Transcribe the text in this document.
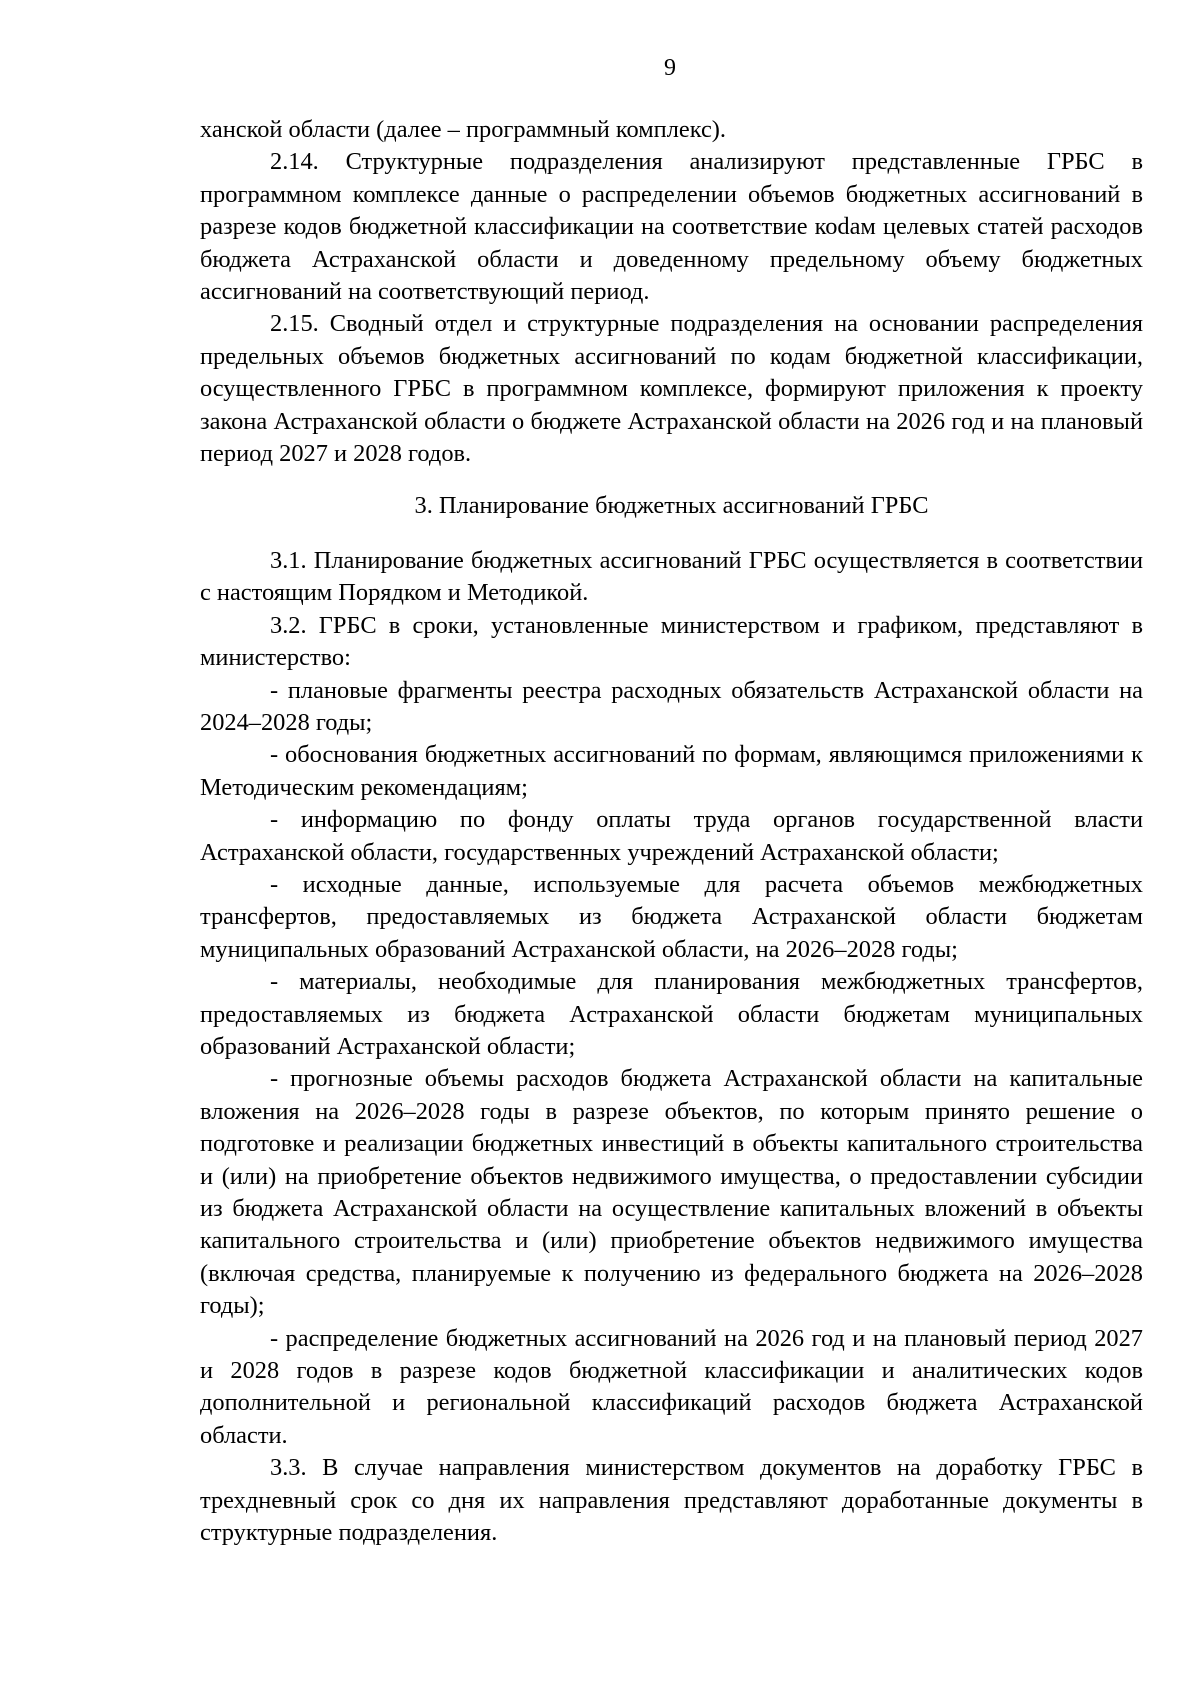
9

ханской области (далее – программный комплекс).

2.14. Структурные подразделения анализируют представленные ГРБС в программном комплексе данные о распределении объемов бюджетных ассигнований в разрезе кодов бюджетной классификации на соответствие коdам целевых статей расходов бюджета Астраханской области и доведенному предельному объему бюджетных ассигнований на соответствующий период.

2.15. Сводный отдел и структурные подразделения на основании распределения предельных объемов бюджетных ассигнований по кодам бюджетной классификации, осуществленного ГРБС в программном комплексе, формируют приложения к проекту закона Астраханской области о бюджете Астраханской области на 2026 год и на плановый период 2027 и 2028 годов.

3. Планирование бюджетных ассигнований ГРБС

3.1. Планирование бюджетных ассигнований ГРБС осуществляется в соответствии с настоящим Порядком и Методикой.

3.2. ГРБС в сроки, установленные министерством и графиком, представляют в министерство:

- плановые фрагменты реестра расходных обязательств Астраханской области на 2024–2028 годы;

- обоснования бюджетных ассигнований по формам, являющимся приложениями к Методическим рекомендациям;

- информацию по фонду оплаты труда органов государственной власти Астраханской области, государственных учреждений Астраханской области;

- исходные данные, используемые для расчета объемов межбюджетных трансфертов, предоставляемых из бюджета Астраханской области бюджетам муниципальных образований Астраханской области, на 2026–2028 годы;

- материалы, необходимые для планирования межбюджетных трансфертов, предоставляемых из бюджета Астраханской области бюджетам муниципальных образований Астраханской области;

- прогнозные объемы расходов бюджета Астраханской области на капитальные вложения на 2026–2028 годы в разрезе объектов, по которым принято решение о подготовке и реализации бюджетных инвестиций в объекты капитального строительства и (или) на приобретение объектов недвижимого имущества, о предоставлении субсидии из бюджета Астраханской области на осуществление капитальных вложений в объекты капитального строительства и (или) приобретение объектов недвижимого имущества (включая средства, планируемые к получению из федерального бюджета на 2026–2028 годы);

- распределение бюджетных ассигнований на 2026 год и на плановый период 2027 и 2028 годов в разрезе кодов бюджетной классификации и аналитических кодов дополнительной и региональной классификаций расходов бюджета Астраханской области.

3.3. В случае направления министерством документов на доработку ГРБС в трехдневный срок со дня их направления представляют доработанные документы в структурные подразделения.
